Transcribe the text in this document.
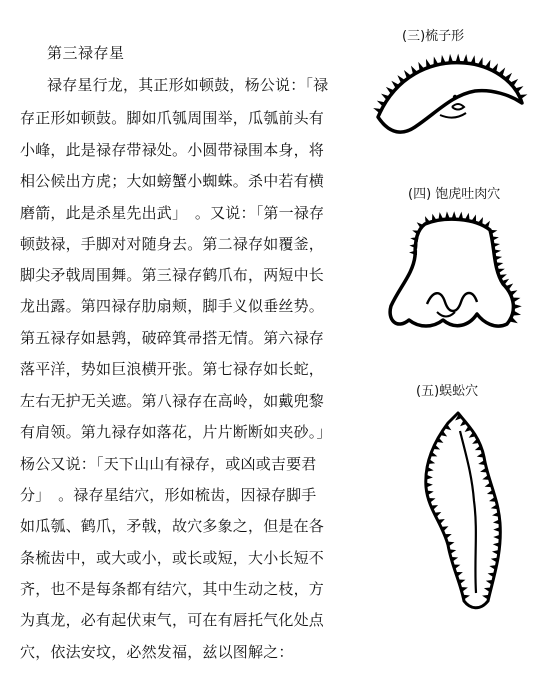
第三禄存星
禄存星行龙，其正形如顿鼓，杨公说：「禄
存正形如顿鼓。脚如爪瓠周围举，瓜瓠前头有
小峰，此是禄存带禄处。小圆带禄围本身，将
相公候出方虎；大如螃蟹小蜘蛛。杀中若有横
磨箭，此是杀星先出武」　。又说：「第一禄存
顿鼓禄，手脚对对随身去。第二禄存如覆釜，
脚尖矛戟周围舞。第三禄存鹤爪布，两短中长
龙出露。第四禄存肋扇颊，脚手义似垂丝势。
第五禄存如悬鹑，破碎箕帚搭无情。第六禄存
落平洋，势如巨浪横开张。第七禄存如长蛇，
左右无护无关遮。第八禄存在高岭，如戴兜黎
有肩领。第九禄存如落花，片片断断如夹砂。」
杨公又说：「天下山山有禄存，或凶或吉要君
分」　。禄存星结穴，形如梳齿，因禄存脚手
如瓜瓠、鹤爪，矛戟，故穴多象之，但是在各
条梳齿中，或大或小，或长或短，大小长短不
齐，也不是每条都有结穴，其中生动之枝，方
为真龙，必有起伏束气，可在有唇托气化处点
穴，依法安坟，必然发福，兹以图解之：
(三)梳子形
(四) 饱虎吐肉穴
(五)蜈蚣穴
